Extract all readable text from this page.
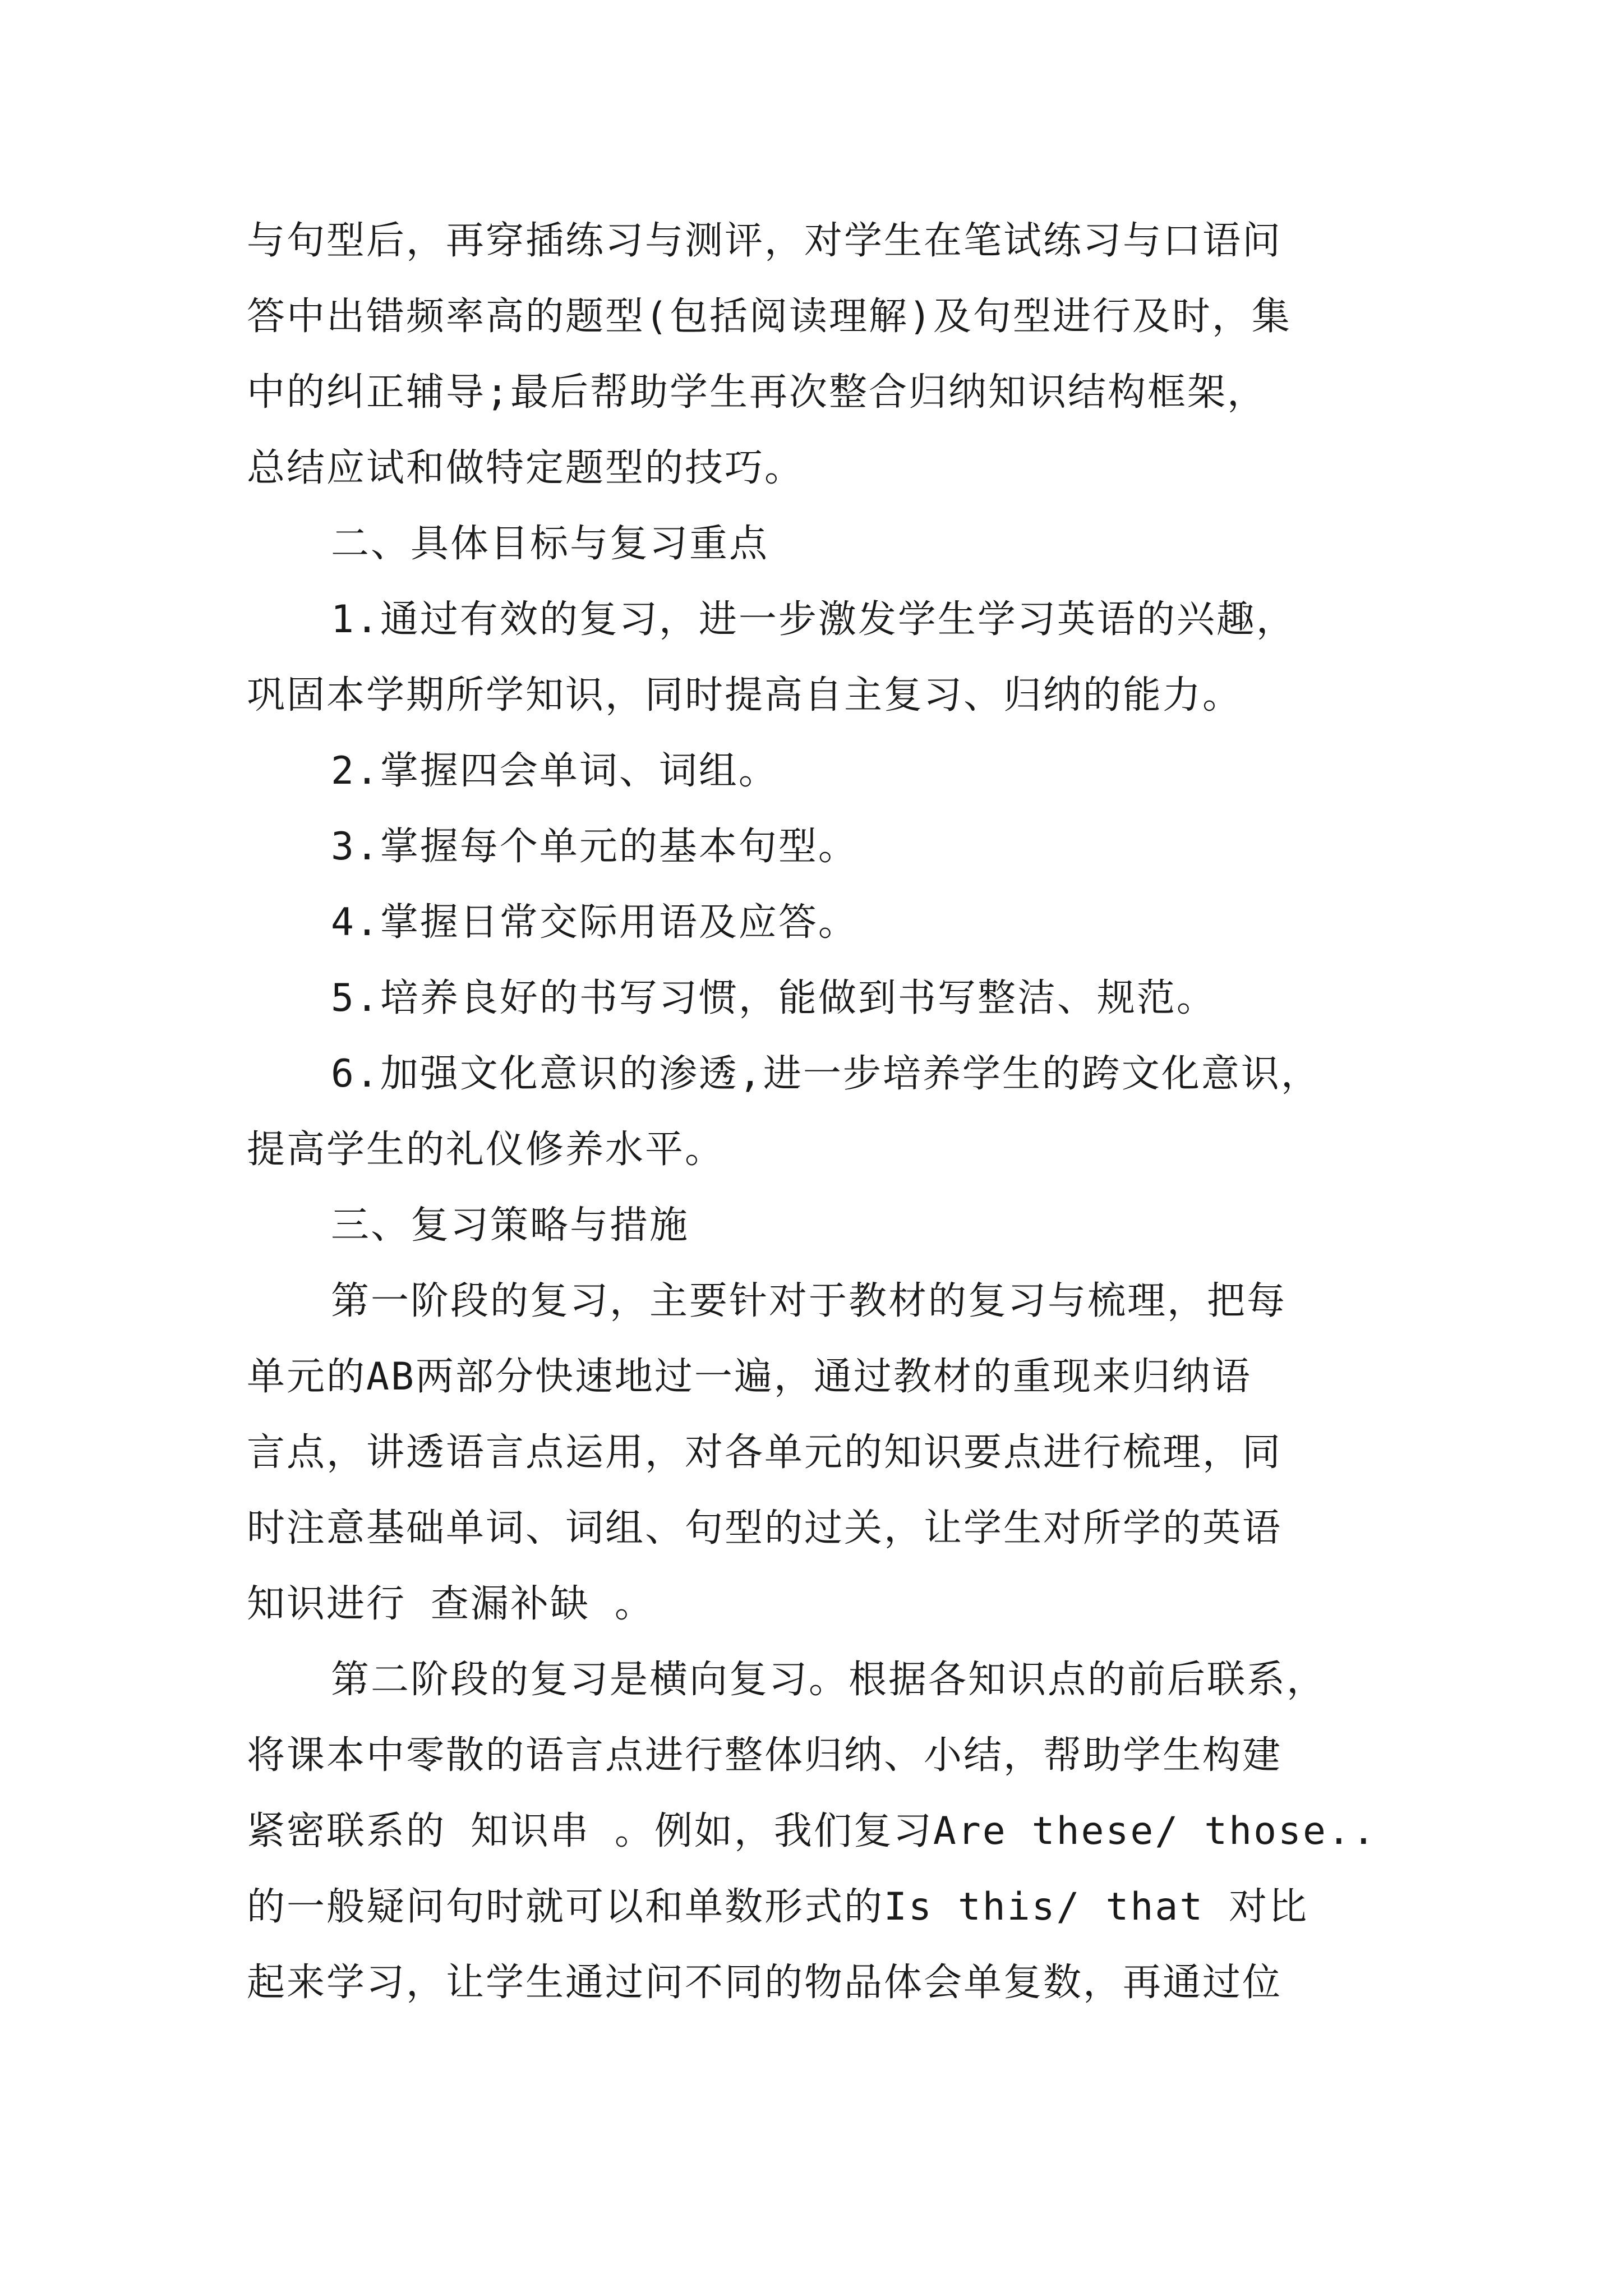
与句型后，再穿插练习与测评，对学生在笔试练习与口语问
答中出错频率高的题型(包括阅读理解)及句型进行及时，集
中的纠正辅导;最后帮助学生再次整合归纳知识结构框架，
总结应试和做特定题型的技巧。
二、具体目标与复习重点
1.通过有效的复习，进一步激发学生学习英语的兴趣，
巩固本学期所学知识，同时提高自主复习、归纳的能力。
2.掌握四会单词、词组。
3.掌握每个单元的基本句型。
4.掌握日常交际用语及应答。
5.培养良好的书写习惯，能做到书写整洁、规范。
6.加强文化意识的渗透,进一步培养学生的跨文化意识，
提高学生的礼仪修养水平。
三、复习策略与措施
第一阶段的复习，主要针对于教材的复习与梳理，把每
单元的AB两部分快速地过一遍，通过教材的重现来归纳语
言点，讲透语言点运用，对各单元的知识要点进行梳理，同
时注意基础单词、词组、句型的过关，让学生对所学的英语
知识进行 查漏补缺 。
第二阶段的复习是横向复习。根据各知识点的前后联系，
将课本中零散的语言点进行整体归纳、小结，帮助学生构建
紧密联系的 知识串 。例如，我们复习Are these/ those..
的一般疑问句时就可以和单数形式的Is this/ that 对比
起来学习，让学生通过问不同的物品体会单复数，再通过位
